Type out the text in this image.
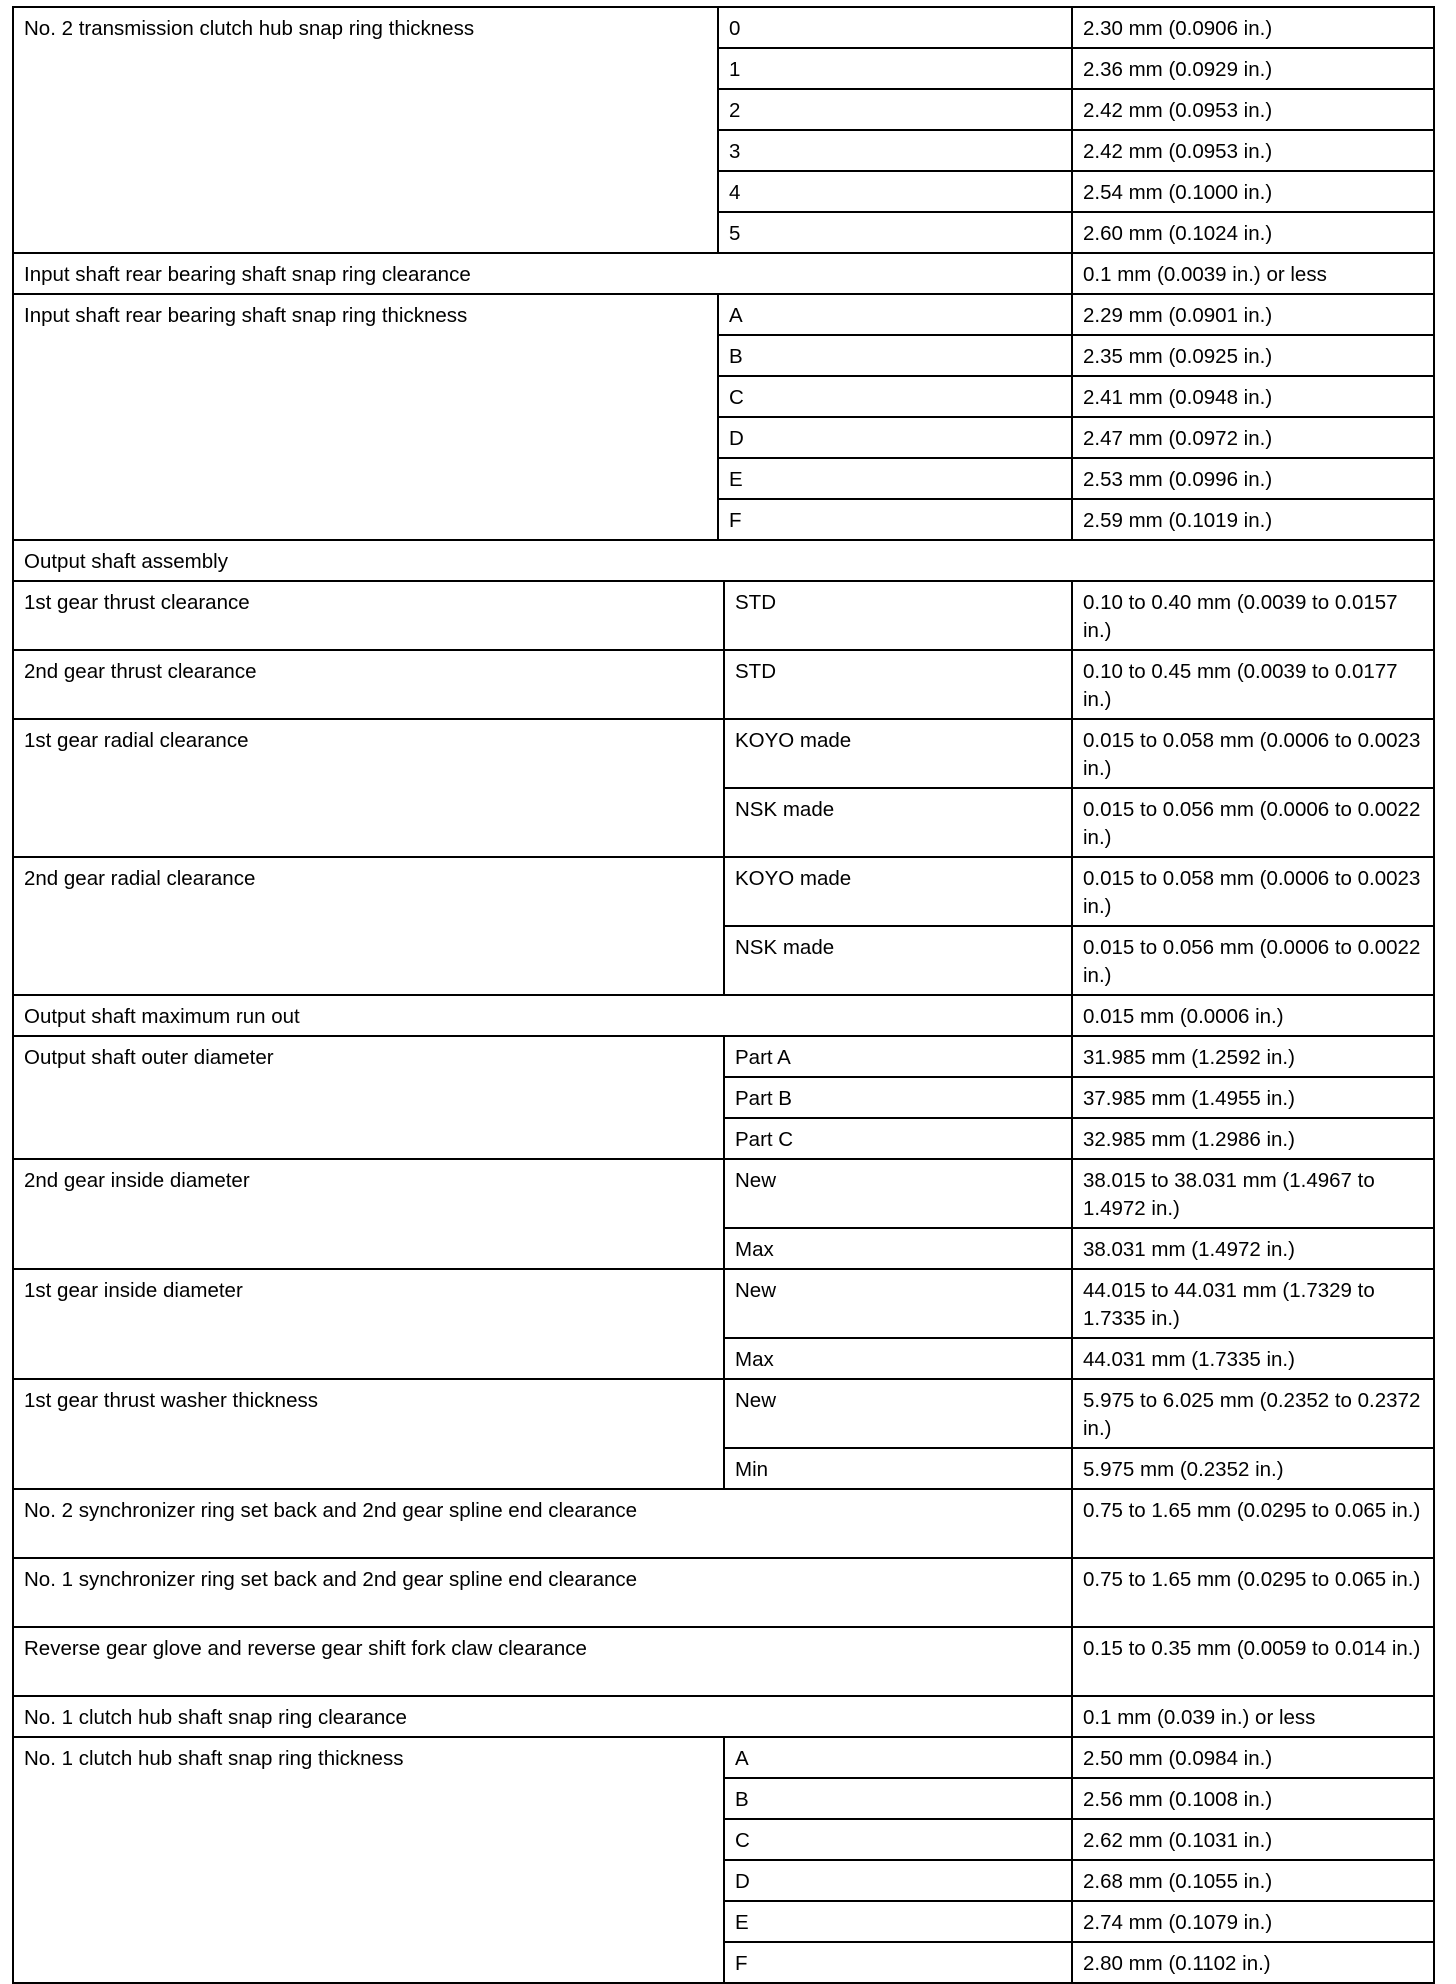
No. 2 transmission clutch hub snap ring thickness	0	2.30 mm (0.0906 in.)
	1	2.36 mm (0.0929 in.)
	2	2.42 mm (0.0953 in.)
	3	2.42 mm (0.0953 in.)
	4	2.54 mm (0.1000 in.)
	5	2.60 mm (0.1024 in.)
Input shaft rear bearing shaft snap ring clearance		0.1 mm (0.0039 in.) or less
Input shaft rear bearing shaft snap ring thickness	A	2.29 mm (0.0901 in.)
	B	2.35 mm (0.0925 in.)
	C	2.41 mm (0.0948 in.)
	D	2.47 mm (0.0972 in.)
	E	2.53 mm (0.0996 in.)
	F	2.59 mm (0.1019 in.)
Output shaft assembly		
1st gear thrust clearance	STD	0.10 to 0.40 mm (0.0039 to 0.0157 in.)
2nd gear thrust clearance	STD	0.10 to 0.45 mm (0.0039 to 0.0177 in.)
1st gear radial clearance	KOYO made	0.015 to 0.058 mm (0.0006 to 0.0023 in.)
	NSK made	0.015 to 0.056 mm (0.0006 to 0.0022 in.)
2nd gear radial clearance	KOYO made	0.015 to 0.058 mm (0.0006 to 0.0023 in.)
	NSK made	0.015 to 0.056 mm (0.0006 to 0.0022 in.)
Output shaft maximum run out		0.015 mm (0.0006 in.)
Output shaft outer diameter	Part A	31.985 mm (1.2592 in.)
	Part B	37.985 mm (1.4955 in.)
	Part C	32.985 mm (1.2986 in.)
2nd gear inside diameter	New	38.015 to 38.031 mm (1.4967 to 1.4972 in.)
	Max	38.031 mm (1.4972 in.)
1st gear inside diameter	New	44.015 to 44.031 mm (1.7329 to 1.7335 in.)
	Max	44.031 mm (1.7335 in.)
1st gear thrust washer thickness	New	5.975 to 6.025 mm (0.2352 to 0.2372 in.)
	Min	5.975 mm (0.2352 in.)
No. 2 synchronizer ring set back and 2nd gear spline end clearance		0.75 to 1.65 mm (0.0295 to 0.065 in.)
No. 1 synchronizer ring set back and 2nd gear spline end clearance		0.75 to 1.65 mm (0.0295 to 0.065 in.)
Reverse gear glove and reverse gear shift fork claw clearance		0.15 to 0.35 mm (0.0059 to 0.014 in.)
No. 1 clutch hub shaft snap ring clearance		0.1 mm (0.039 in.) or less
No. 1 clutch hub shaft snap ring thickness	A	2.50 mm (0.0984 in.)
	B	2.56 mm (0.1008 in.)
	C	2.62 mm (0.1031 in.)
	D	2.68 mm (0.1055 in.)
	E	2.74 mm (0.1079 in.)
	F	2.80 mm (0.1102 in.)
